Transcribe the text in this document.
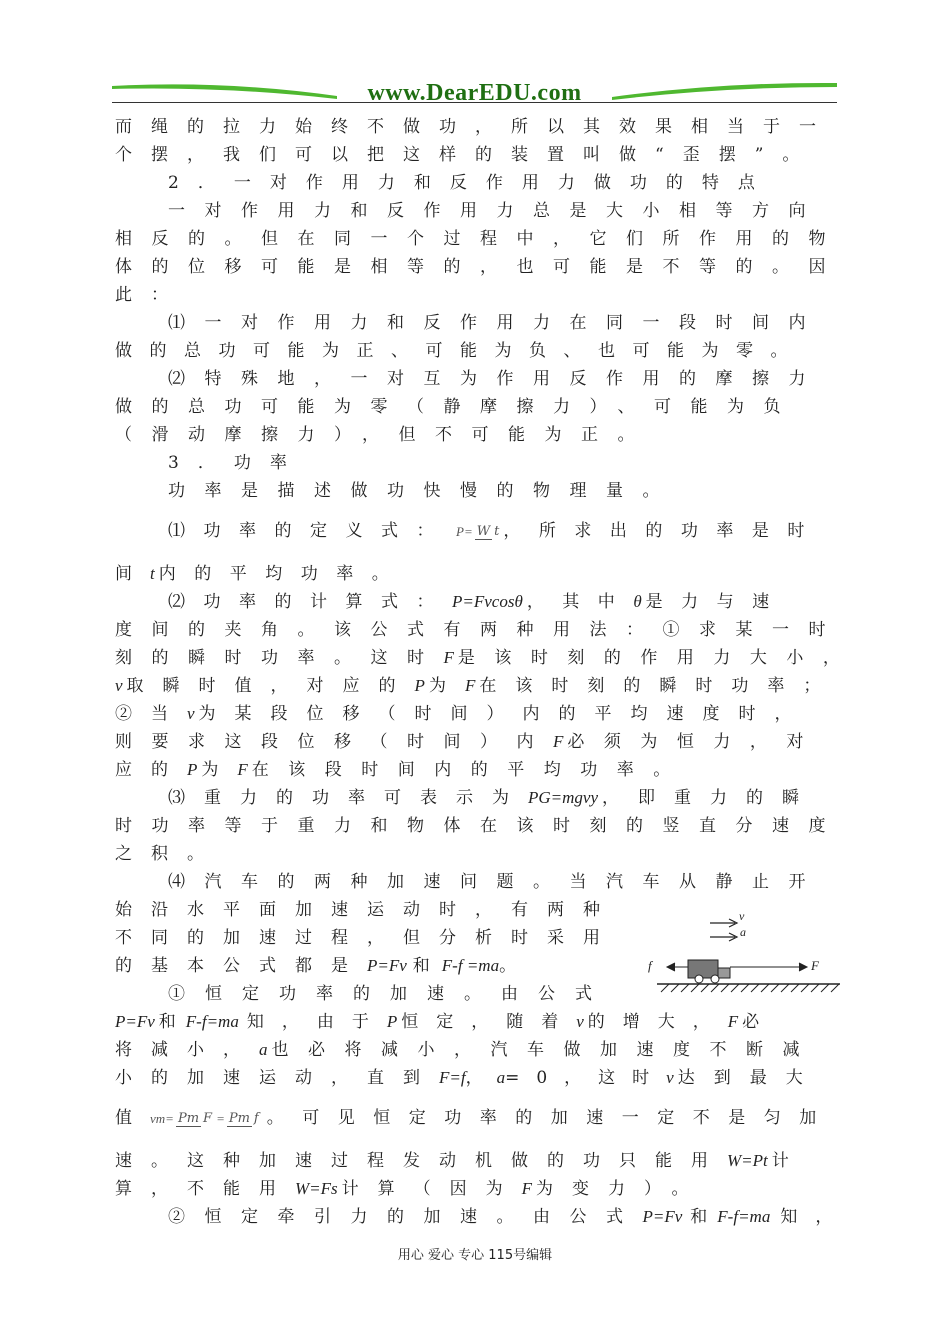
www.DearEDU.com
而绳的拉力始终不做功，所以其效果相当于一
个摆，我们可以把这样的装置叫做“歪摆”。
2．一对作用力和反作用力做功的特点
一对作用力和反作用力总是大小相等方向
相反的。但在同一个过程中，它们所作用的物
体的位移可能是相等的，也可能是不等的。因
此：
⑴一对作用力和反作用力在同一段时间内
做的总功可能为正、可能为负、也可能为零。
⑵特殊地，一对互为作用反作用的摩擦力
做的总功可能为零（静摩擦力）、可能为负
（滑动摩擦力），但不可能为正。
3．功率
功率是描述做功快慢的物理量。
⑴功率的定义式： P= W t ，所求出的功率是时
间 t 内的平均功率。
⑵功率的计算式： P=Fvcosθ ，其中 θ 是力与速
度间的夹角。该公式有两种用法：①求某一时
刻的瞬时功率。这时 F 是该时刻的作用力大小，
v 取瞬时值，对应的 P 为 F 在该时刻的瞬时功率；
②当 v 为某段位移（时间）内的平均速度时，
则要求这段位移（时间）内 F 必须为恒力，对
应的 P 为 F 在该段时间内的平均功率。
⑶重力的功率可表示为 PG=mgvy ，即重力的瞬
时功率等于重力和物体在该时刻的竖直分速度
之积。
⑷汽车的两种加速问题。当汽车从静止开
始沿水平面加速运动时，有两种
不同的加速过程，但分析时采用
的基本公式都是 P=Fv 和 F-f =ma 。
v
a
f	F
①恒定功率的加速。由公式
P=Fv 和 F-f=ma 知，由于 P 恒定，随着 v 的增大， F 必
将减小， a 也必将减小，汽车做加速度不断减
小的加速运动，直到 F=f ， a =0，这时 v 达到最大
值 vm=Pm F = Pm f 。可见恒定功率的加速一定不是匀加
速。这种加速过程发动机做的功只能用 W=Pt 计
算，不能用 W=Fs 计算（因为 F 为变力）。
②恒定牵引力的加速。由公式 P=Fv 和 F-f=ma 知，
用心 爱心 专心 115号编辑
